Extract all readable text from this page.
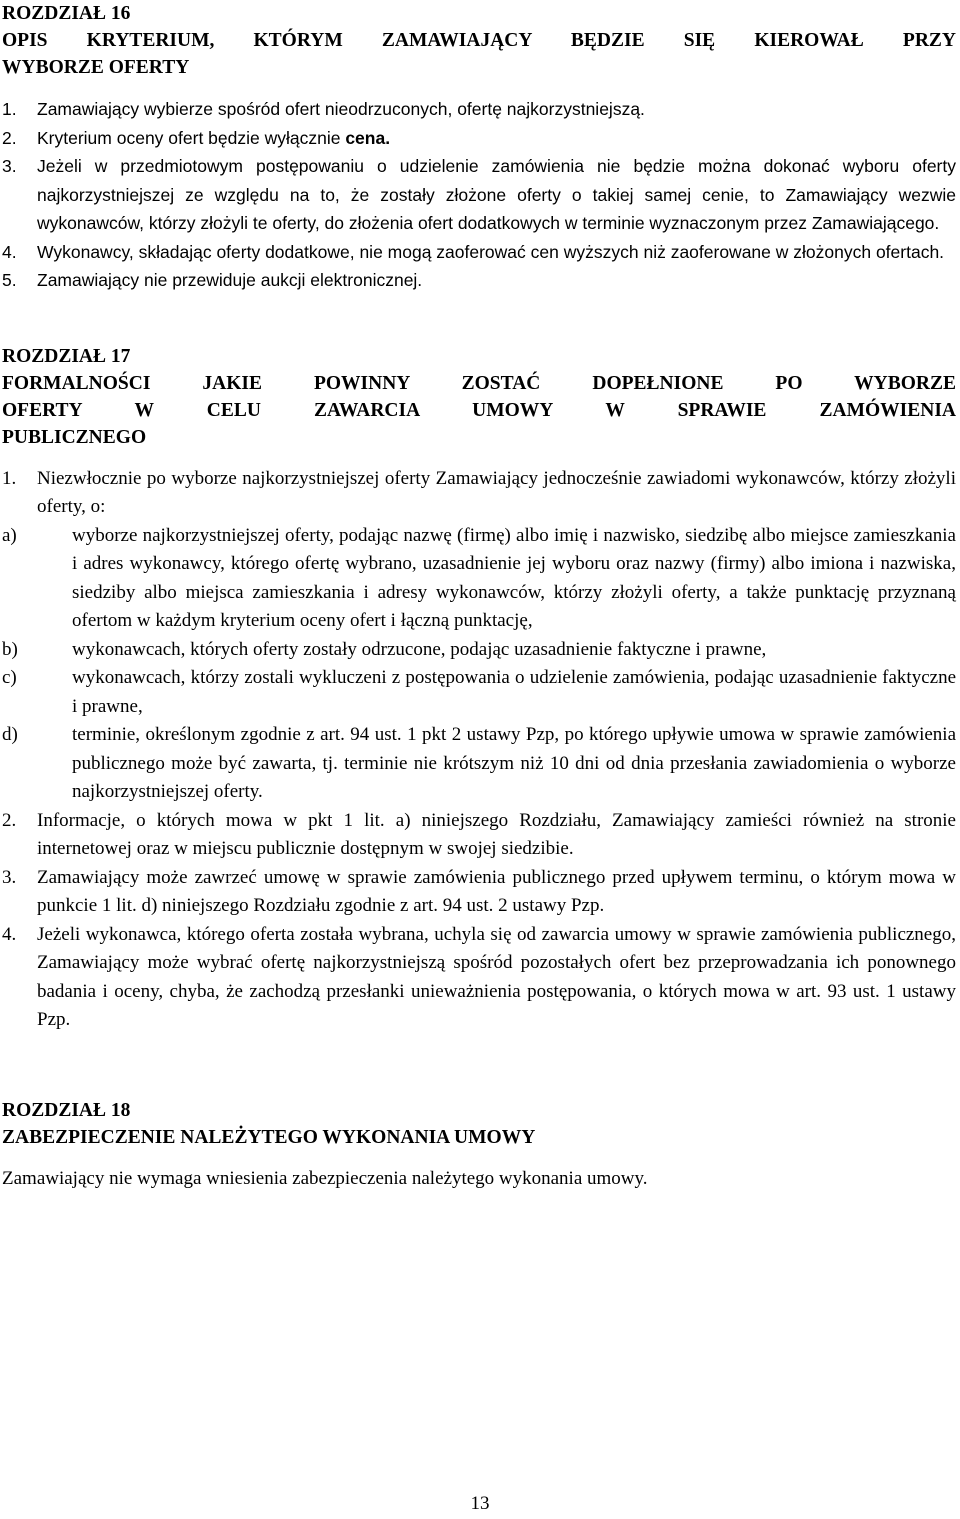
ROZDZIAŁ 16
OPIS KRYTERIUM, KTÓRYM ZAMAWIAJĄCY BĘDZIE SIĘ KIEROWAŁ PRZY
WYBORZE OFERTY
1.	Zamawiający wybierze spośród ofert nieodrzuconych, ofertę najkorzystniejszą.
2.	Kryterium oceny ofert będzie wyłącznie cena.
3.	Jeżeli w przedmiotowym postępowaniu o udzielenie zamówienia nie będzie można dokonać wyboru oferty najkorzystniejszej ze względu na to, że zostały złożone oferty o takiej samej cenie, to Zamawiający wezwie wykonawców, którzy złożyli te oferty, do złożenia ofert dodatkowych w terminie wyznaczonym przez Zamawiającego.
4.	Wykonawcy, składając oferty dodatkowe, nie mogą zaoferować cen wyższych niż zaoferowane w złożonych ofertach.
5.	Zamawiający nie przewiduje aukcji elektronicznej.
ROZDZIAŁ 17
FORMALNOŚCI JAKIE POWINNY ZOSTAĆ DOPEŁNIONE PO WYBORZE
OFERTY W CELU ZAWARCIA UMOWY W SPRAWIE ZAMÓWIENIA
PUBLICZNEGO
1.	Niezwłocznie po wyborze najkorzystniejszej oferty Zamawiający jednocześnie zawiadomi wykonawców, którzy złożyli oferty, o:
a)	wyborze najkorzystniejszej oferty, podając nazwę (firmę) albo imię i nazwisko, siedzibę albo miejsce zamieszkania i adres wykonawcy, którego ofertę wybrano, uzasadnienie jej wyboru oraz nazwy (firmy) albo imiona i nazwiska, siedziby albo miejsca zamieszkania i adresy wykonawców, którzy złożyli oferty, a także punktację przyznaną ofertom w każdym kryterium oceny ofert i łączną punktację,
b)	wykonawcach, których oferty zostały odrzucone, podając uzasadnienie faktyczne i prawne,
c)	wykonawcach, którzy zostali wykluczeni z postępowania o udzielenie zamówienia, podając uzasadnienie faktyczne i prawne,
d)	terminie, określonym zgodnie z art. 94 ust. 1 pkt 2 ustawy Pzp, po którego upływie umowa w sprawie zamówienia publicznego może być zawarta, tj. terminie nie krótszym niż 10 dni od dnia przesłania zawiadomienia o wyborze najkorzystniejszej oferty.
2.	Informacje, o których mowa w pkt 1 lit. a) niniejszego Rozdziału, Zamawiający zamieści również na stronie internetowej oraz w miejscu publicznie dostępnym w swojej siedzibie.
3.	Zamawiający może zawrzeć umowę w sprawie zamówienia publicznego przed upływem terminu, o którym mowa w punkcie 1 lit. d) niniejszego Rozdziału zgodnie z art. 94 ust. 2 ustawy Pzp.
4.	Jeżeli wykonawca, którego oferta została wybrana, uchyla się od zawarcia umowy w sprawie zamówienia publicznego, Zamawiający może wybrać ofertę najkorzystniejszą spośród pozostałych ofert bez przeprowadzania ich ponownego badania i oceny, chyba, że zachodzą przesłanki unieważnienia postępowania, o których mowa w art. 93 ust. 1 ustawy Pzp.
ROZDZIAŁ 18
ZABEZPIECZENIE NALEŻYTEGO WYKONANIA UMOWY
Zamawiający nie wymaga wniesienia zabezpieczenia należytego wykonania umowy.
13
